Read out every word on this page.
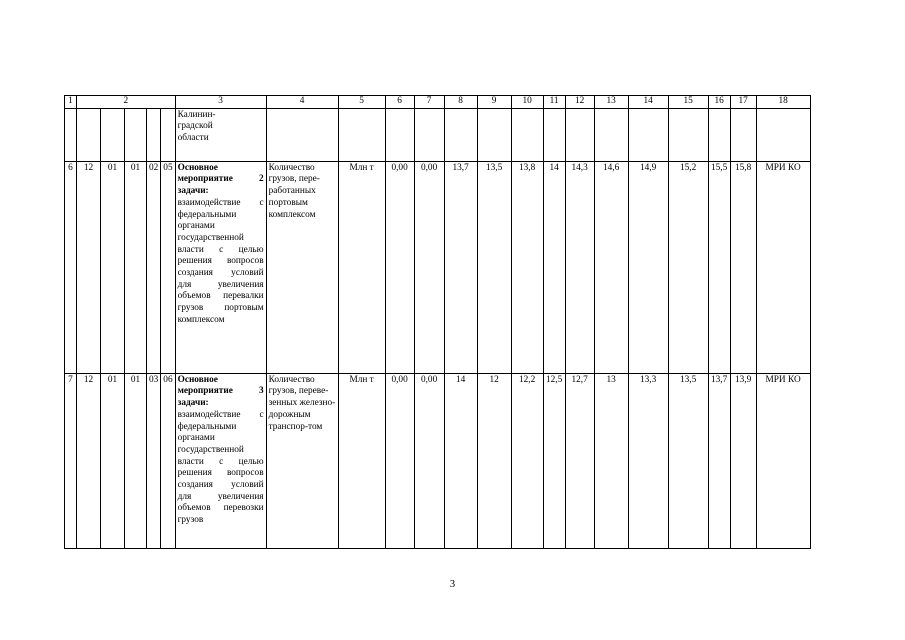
1	2					3	4	5	6	7	8	9	10	11	12	13	14	15	16	17	18
						Калинин-
градской
области															
6	12	01	01	02	05	Основное мероприятие 2 задачи: взаимодействие с федеральными органами государственной власти с целью решения вопросов создания условий для увеличения объемов перевалки грузов портовым комплексом	Количество грузов, пере-работанных портовым комплексом	Млн т	0,00	0,00	13,7	13,5	13,8	14	14,3	14,6	14,9	15,2	15,5	15,8	МРИ КО
7	12	01	01	03	06	Основное мероприятие 3 задачи: взаимодействие с федеральными органами государственной власти с целью решения вопросов создания условий для увеличения объемов перевозки грузов	Количество грузов, переве-зенных железно-дорожным транспор-том	Млн т	0,00	0,00	14	12	12,2	12,5	12,7	13	13,3	13,5	13,7	13,9	МРИ КО
3
